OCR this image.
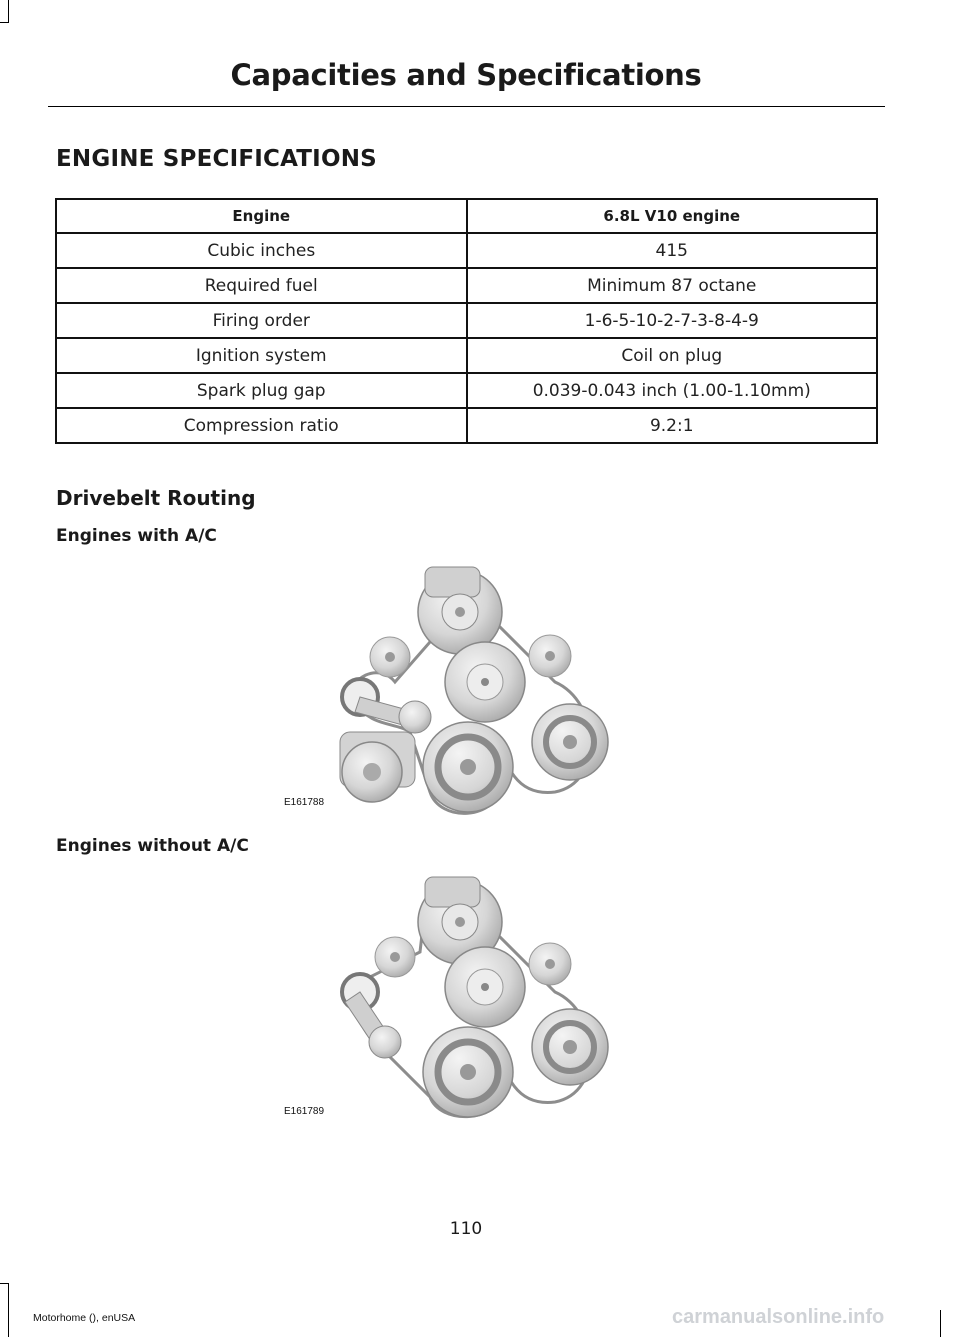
Capacities and Specifications
ENGINE SPECIFICATIONS
Engine	6.8L V10 engine
Cubic inches	415
Required fuel	Minimum 87 octane
Firing order	1-6-5-10-2-7-3-8-4-9
Ignition system	Coil on plug
Spark plug gap	0.039-0.043 inch (1.00-1.10mm)
Compression ratio	9.2:1
Drivebelt Routing
Engines with A/C
E161788
Engines without A/C
E161789
110
Motorhome (), enUSA	carmanualsonline.info
